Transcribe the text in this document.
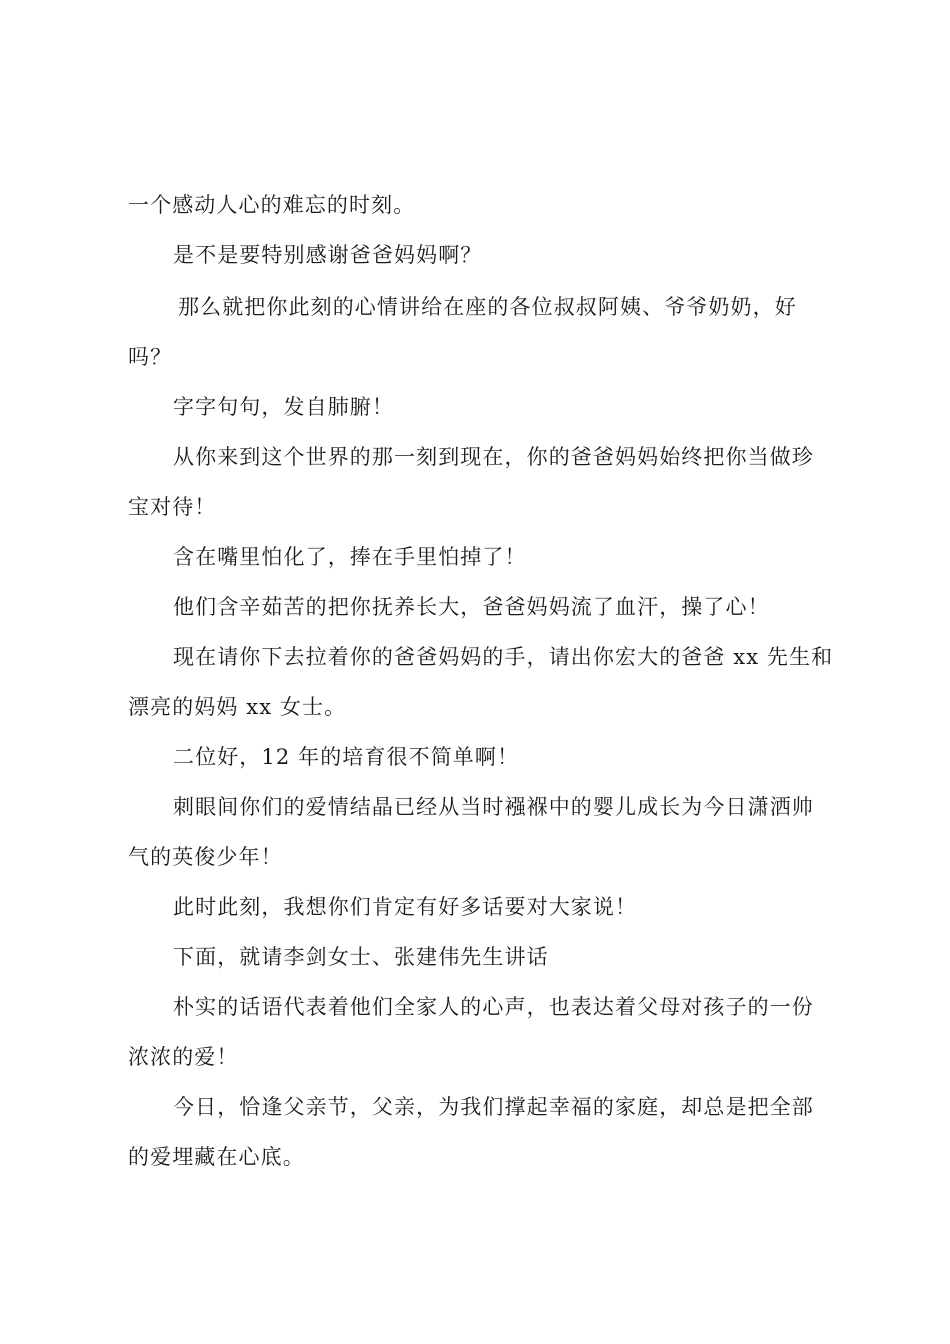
一个感动人心的难忘的时刻。
是不是要特别感谢爸爸妈妈啊？
那么就把你此刻的心情讲给在座的各位叔叔阿姨、爷爷奶奶，好
吗？
字字句句，发自肺腑！
从你来到这个世界的那一刻到现在，你的爸爸妈妈始终把你当做珍
宝对待！
含在嘴里怕化了，捧在手里怕掉了！
他们含辛茹苦的把你抚养长大，爸爸妈妈流了血汗，操了心！
现在请你下去拉着你的爸爸妈妈的手，请出你宏大的爸爸 xx 先生和
漂亮的妈妈 xx 女士。
二位好，12 年的培育很不简单啊！
刺眼间你们的爱情结晶已经从当时襁褓中的婴儿成长为今日潇洒帅
气的英俊少年！
此时此刻，我想你们肯定有好多话要对大家说！
下面，就请李剑女士、张建伟先生讲话
朴实的话语代表着他们全家人的心声，也表达着父母对孩子的一份
浓浓的爱！
今日，恰逢父亲节，父亲，为我们撑起幸福的家庭，却总是把全部
的爱埋藏在心底。
